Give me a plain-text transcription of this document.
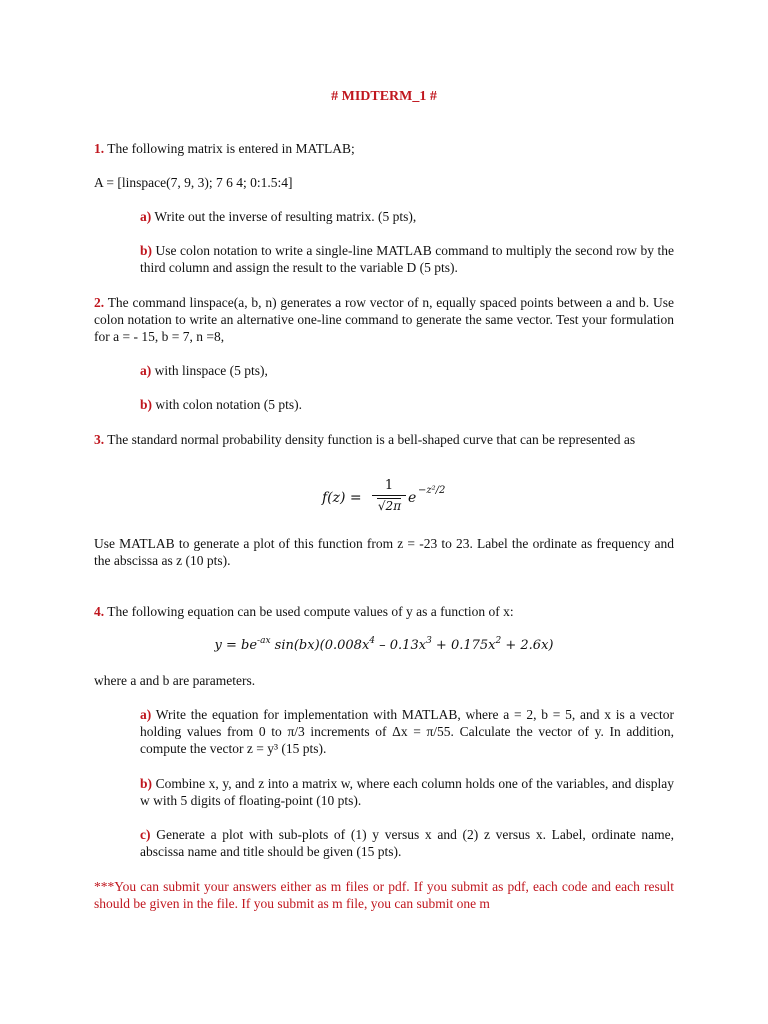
# MIDTERM_1 #

1. The following matrix is entered in MATLAB;

A = [linspace(7, 9, 3); 7 6 4; 0:1.5:4]

a) Write out the inverse of resulting matrix. (5 pts),

b) Use colon notation to write a single-line MATLAB command to multiply the second row by the third column and assign the result to the variable D (5 pts).

2. The command linspace(a, b, n) generates a row vector of n, equally spaced points between a and b. Use colon notation to write an alternative one-line command to generate the same vector. Test your formulation for a = - 15, b = 7, n =8,

a) with linspace (5 pts),

b) with colon notation (5 pts).

3. The standard normal probability density function is a bell-shaped curve that can be represented as

f(z) =
1
√2π e −z²/2

Use MATLAB to generate a plot of this function from z = -23 to 23. Label the ordinate as frequency and the abscissa as z (10 pts).

4. The following equation can be used compute values of y as a function of x:

$y = be^{-ax}$ $\sin(bx)(0.008x^4 - 0.13x^3 + 0.175x^2 + 2.6x)$

where a and b are parameters.

a) Write the equation for implementation with MATLAB, where a = 2, b = 5, and x is a vector holding values from 0 to π/3 increments of Δx = π/55. Calculate the vector of y. In addition, compute the vector z = y³ (15 pts).

b) Combine x, y, and z into a matrix w, where each column holds one of the variables, and display w with 5 digits of floating-point (10 pts).

c) Generate a plot with sub-plots of (1) y versus x and (2) z versus x. Label, ordinate name, abscissa name and title should be given (15 pts).

***You can submit your answers either as m files or pdf. If you submit as pdf, each code and each result should be given in the file. If you submit as m file, you can submit one m
